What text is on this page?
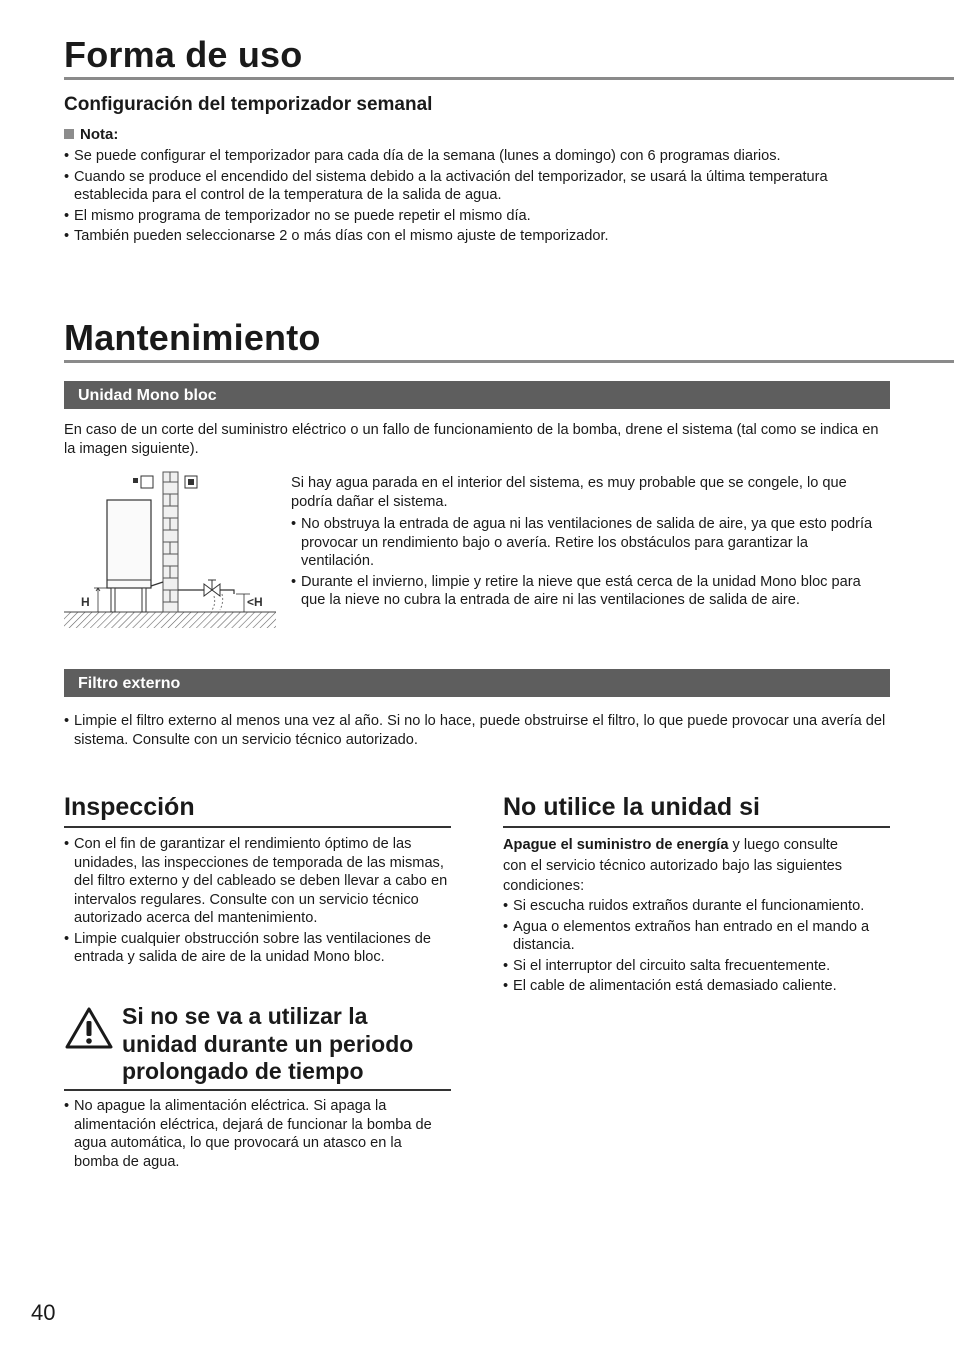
Forma de uso
Configuración del temporizador semanal
Nota:
• Se puede configurar el temporizador para cada día de la semana (lunes a domingo) con 6 programas diarios.
• Cuando se produce el encendido del sistema debido a la activación del temporizador, se usará la última temperatura establecida para el control de la temperatura de la salida de agua.
• El mismo programa de temporizador no se puede repetir el mismo día.
• También pueden seleccionarse 2 o más días con el mismo ajuste de temporizador.
Mantenimiento
Unidad Mono bloc

En caso de un corte del suministro eléctrico o un fallo de funcionamiento de la bomba, drene el sistema (tal como se indica en la imagen siguiente).

H	<H

Si hay agua parada en el interior del sistema, es muy probable que se congele, lo que podría dañar el sistema.

• No obstruya la entrada de agua ni las ventilaciones de salida de aire, ya que esto podría provocar un rendimiento bajo o avería. Retire los obstáculos para garantizar la ventilación.
• Durante el invierno, limpie y retire la nieve que está cerca de la unidad Mono bloc para que la nieve no cubra la entrada de aire ni las ventilaciones de salida de aire.
Filtro externo
• Limpie el filtro externo al menos una vez al año. Si no lo hace, puede obstruirse el filtro, lo que puede provocar una avería del sistema. Consulte con un servicio técnico autorizado.
Inspección
• Con el fin de garantizar el rendimiento óptimo de las unidades, las inspecciones de temporada de las mismas, del filtro externo y del cableado se deben llevar a cabo en intervalos regulares. Consulte con un servicio técnico autorizado acerca del mantenimiento.
• Limpie cualquier obstrucción sobre las ventilaciones de entrada y salida de aire de la unidad Mono bloc.
Si no se va a utilizar la unidad durante un periodo prolongado de tiempo
• No apague la alimentación eléctrica. Si apaga la alimentación eléctrica, dejará de funcionar la bomba de agua automática, lo que provocará un atasco en la bomba de agua.
No utilice la unidad si

Apague el suministro de energía y luego consulte con el servicio técnico autorizado bajo las siguientes condiciones:

• Si escucha ruidos extraños durante el funcionamiento.
• Agua o elementos extraños han entrado en el mando a distancia.
• Si el interruptor del circuito salta frecuentemente.
• El cable de alimentación está demasiado caliente.
40
